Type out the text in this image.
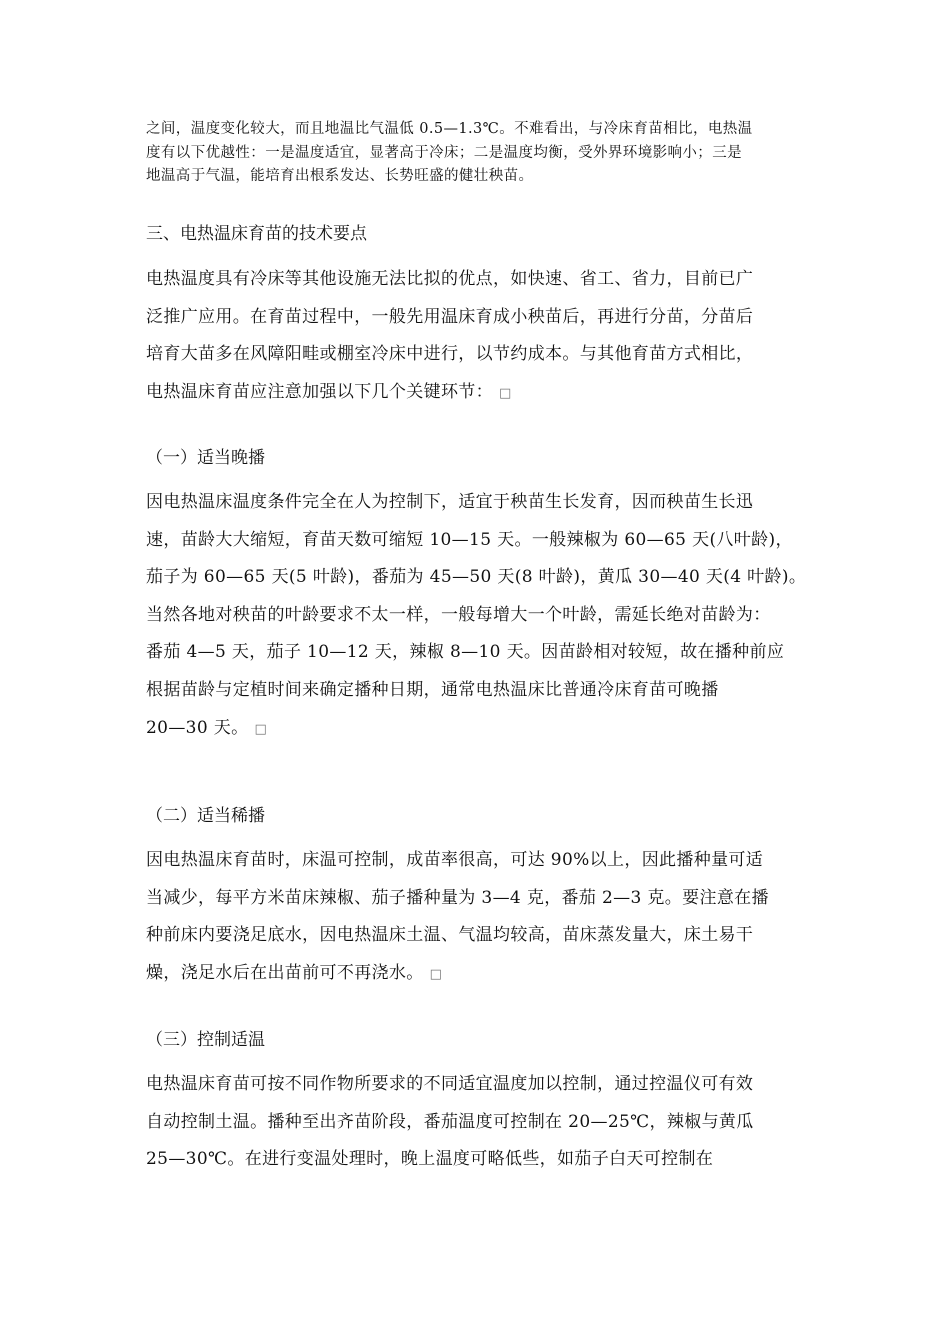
之间，温度变化较大，而且地温比气温低 0.5—1.3℃。不难看出，与冷床育苗相比，电热温
度有以下优越性：一是温度适宜，显著高于冷床；二是温度均衡，受外界环境影响小；三是
地温高于气温，能培育出根系发达、长势旺盛的健壮秧苗。
三、电热温床育苗的技术要点
电热温度具有冷床等其他设施无法比拟的优点，如快速、省工、省力，目前已广
泛推广应用。在育苗过程中，一般先用温床育成小秧苗后，再进行分苗，分苗后
培育大苗多在风障阳畦或棚室冷床中进行，以节约成本。与其他育苗方式相比，
电热温床育苗应注意加强以下几个关键环节： □
（一）适当晚播
因电热温床温度条件完全在人为控制下，适宜于秧苗生长发育，因而秧苗生长迅
速，苗龄大大缩短，育苗天数可缩短 10—15 天。一般辣椒为 60—65 天(八叶龄)，
茄子为 60—65 天(5 叶龄)，番茄为 45—50 天(8 叶龄)，黄瓜 30—40 天(4 叶龄)。
当然各地对秧苗的叶龄要求不太一样，一般每增大一个叶龄，需延长绝对苗龄为：
番茄 4—5 天，茄子 10—12 天，辣椒 8—10 天。因苗龄相对较短，故在播种前应
根据苗龄与定植时间来确定播种日期，通常电热温床比普通冷床育苗可晚播
20—30 天。 □
（二）适当稀播
因电热温床育苗时，床温可控制，成苗率很高，可达 90%以上，因此播种量可适
当减少，每平方米苗床辣椒、茄子播种量为 3—4 克，番茄 2—3 克。要注意在播
种前床内要浇足底水，因电热温床土温、气温均较高，苗床蒸发量大，床土易干
燥，浇足水后在出苗前可不再浇水。 □
（三）控制适温
电热温床育苗可按不同作物所要求的不同适宜温度加以控制，通过控温仪可有效
自动控制土温。播种至出齐苗阶段，番茄温度可控制在 20—25℃，辣椒与黄瓜
25—30℃。在进行变温处理时，晚上温度可略低些，如茄子白天可控制在
